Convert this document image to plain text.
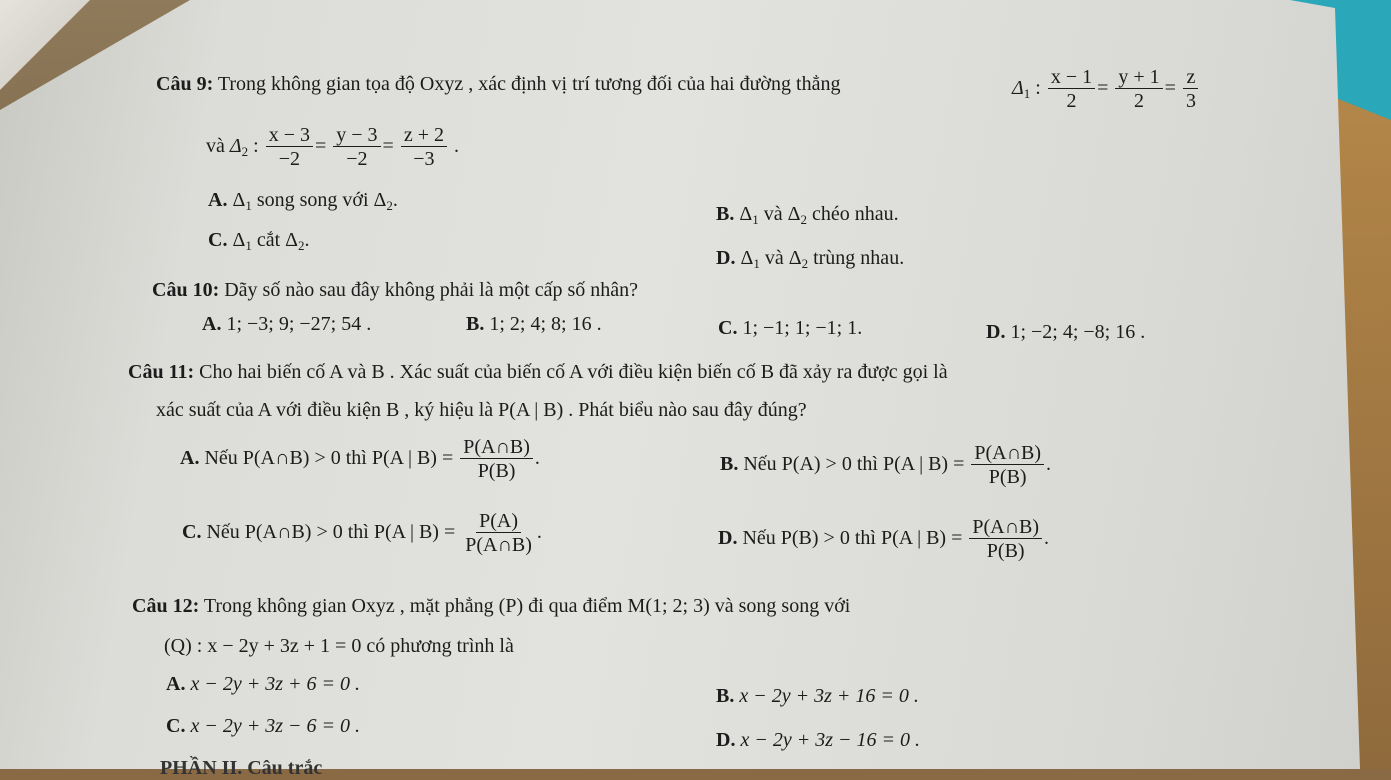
Câu 9: Trong không gian tọa độ Oxyz , xác định vị trí tương đối của hai đường thẳng	$\Delta_1$ : $\frac{x - 1}{2} = \frac{y + 1}{2} = \frac{z}{3}$
và $\Delta_2$ : $\frac{x - 3}{-2} = \frac{y - 3}{-2} = \frac{z + 2}{-3}$ .
A. $\Delta_1$ song song với $\Delta_2$.
B. $\Delta_1$ và $\Delta_2$ chéo nhau.
C. $\Delta_1$ cắt $\Delta_2$.
D. $\Delta_1$ và $\Delta_2$ trùng nhau.
Câu 10: Dãy số nào sau đây không phải là một cấp số nhân?
A. 1; −3; 9; −27; 54 .	B. 1; 2; 4; 8; 16 .	C. 1; −1; 1; −1; 1.	D. 1; −2; 4; −8; 16 .
Câu 11: Cho hai biến cố A và B . Xác suất của biến cố A với điều kiện biến cố B đã xảy ra được gọi là
xác suất của A với điều kiện B , ký hiệu là P(A | B) . Phát biểu nào sau đây đúng?
A. Nếu P(A∩B) > 0 thì P(A | $B) = \frac{P(A\cap B)}{P(B)}$ .	B. Nếu P(A) > 0 thì P(A | $B) = \frac{P(A\cap B)}{P(B)}$ .
C. Nếu P(A∩B) > 0 thì P(A | $B) = \frac{P(A)}{P(A\cap B)}$ .	D. Nếu P(B) > 0 thì P(A | $B) = \frac{P(A\cap B)}{P(B)}$ .
Câu 12: Trong không gian Oxyz , mặt phẳng (P) đi qua điểm M(1; 2; 3) và song song với
(Q) : x − 2y + 3z + 1 = 0 có phương trình là
A. x − 2y + 3z + 6 = 0 .
B. x − 2y + 3z + 16 = 0 .
C. x − 2y + 3z − 6 = 0 .
D. x − 2y + 3z − 16 = 0 .
PHẦN II. Câu trắc
